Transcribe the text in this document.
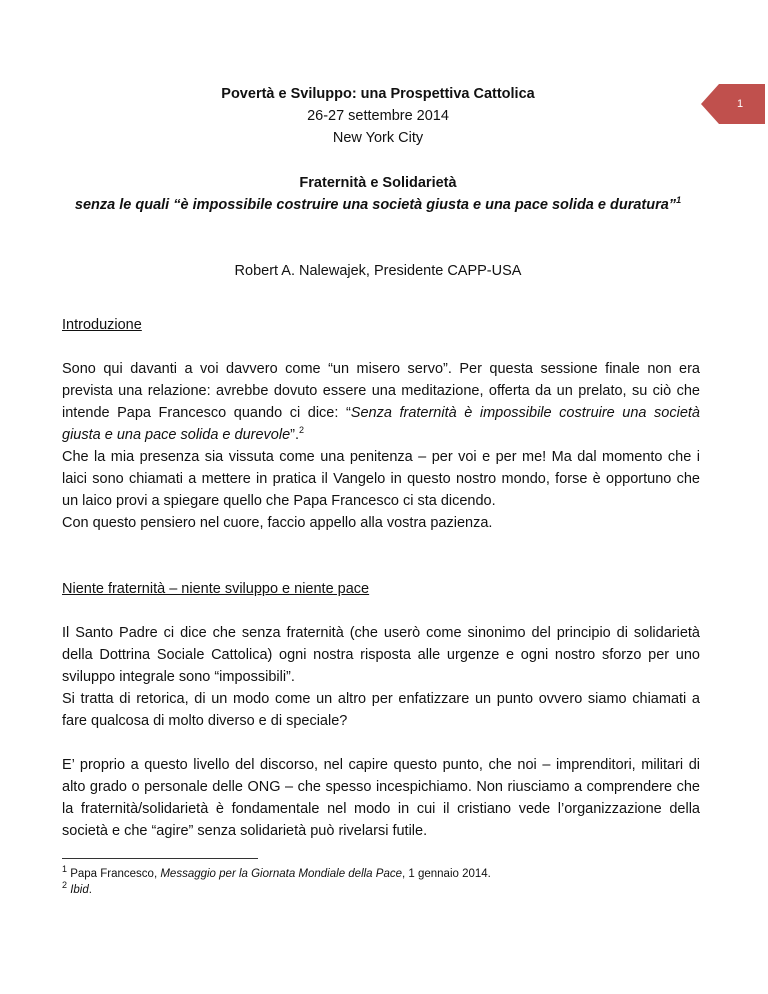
Povertà e Sviluppo: una Prospettiva Cattolica
26-27 settembre 2014
New York City
1
Fraternità e Solidarietà
senza le quali “è impossibile costruire una società giusta e una pace solida e duratura”$^1$
Robert A. Nalewajek, Presidente CAPP-USA
Introduzione

Sono qui davanti a voi davvero come “un misero servo”. Per questa sessione finale non era prevista una relazione: avrebbe dovuto essere una meditazione, offerta da un prelato, su ciò che intende Papa Francesco quando ci dice: “Senza fraternità è impossibile costruire una società giusta e una pace solida e durevole”.$^2$

Che la mia presenza sia vissuta come una penitenza – per voi e per me! Ma dal momento che i laici sono chiamati a mettere in pratica il Vangelo in questo nostro mondo, forse è opportuno che un laico provi a spiegare quello che Papa Francesco ci sta dicendo.

Con questo pensiero nel cuore, faccio appello alla vostra pazienza.

Niente fraternità – niente sviluppo e niente pace

Il Santo Padre ci dice che senza fraternità (che userò come sinonimo del principio di solidarietà della Dottrina Sociale Cattolica) ogni nostra risposta alle urgenze e ogni nostro sforzo per uno sviluppo integrale sono “impossibili”.

Si tratta di retorica, di un modo come un altro per enfatizzare un punto ovvero siamo chiamati a fare qualcosa di molto diverso e di speciale?

E’ proprio a questo livello del discorso, nel capire questo punto, che noi – imprenditori, militari di alto grado o personale delle ONG – che spesso incespichiamo. Non riusciamo a comprendere che la fraternità/solidarietà è fondamentale nel modo in cui il cristiano vede l’organizzazione della società e che “agire” senza solidarietà può rivelarsi futile.

$^1$ Papa Francesco, Messaggio per la Giornata Mondiale della Pace, 1 gennaio 2014.
$^2$ Ibid.
